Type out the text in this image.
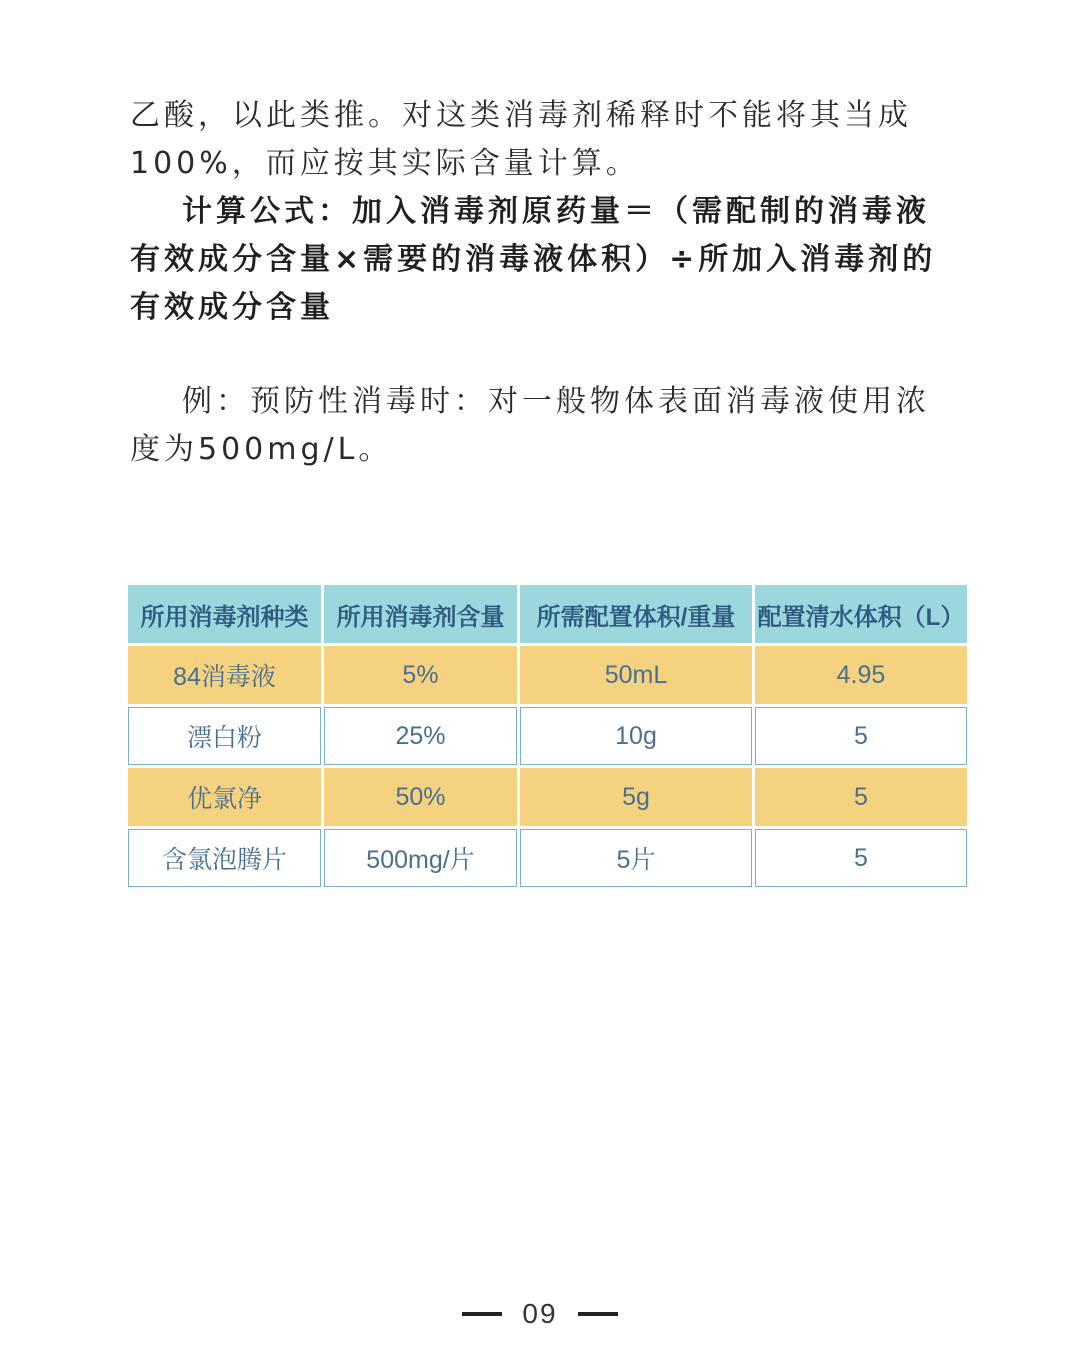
乙酸，以此类推。对这类消毒剂稀释时不能将其当成100%，而应按其实际含量计算。
计算公式：加入消毒剂原药量＝（需配制的消毒液有效成分含量×需要的消毒液体积）÷所加入消毒剂的有效成分含量
例：预防性消毒时：对一般物体表面消毒液使用浓度为500mg/L。
所用消毒剂种类	所用消毒剂含量	所需配置体积/重量	配置清水体积（L）
84消毒液	5%	50mL	4.95
漂白粉	25%	10g	5
优氯净	50%	5g	5
含氯泡腾片	500mg/片	5片	5
09
